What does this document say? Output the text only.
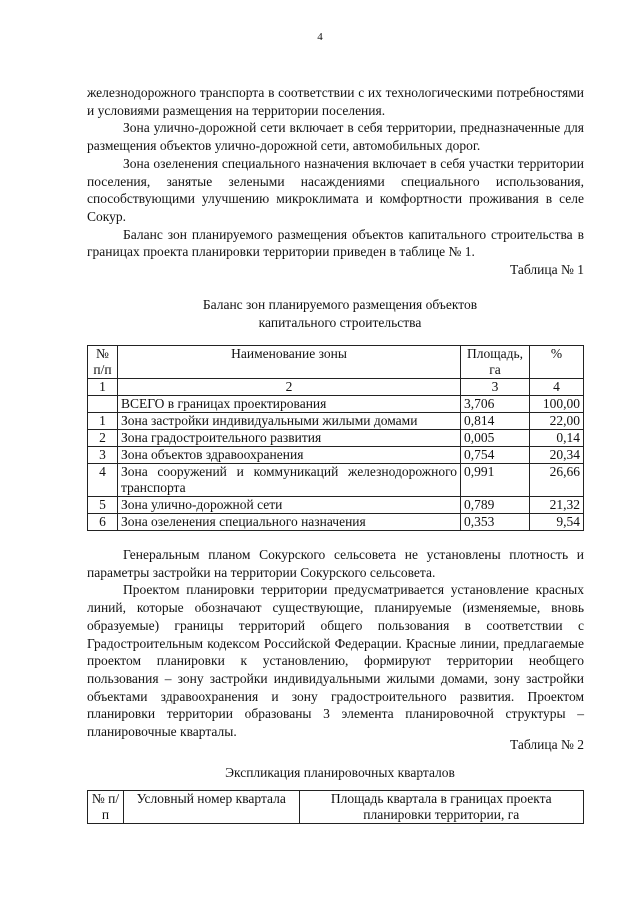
4

железнодорожного транспорта в соответствии с их технологическими потребностями и условиями размещения на территории поселения.

Зона улично-дорожной сети включает в себя территории, предназначенные для размещения объектов улично-дорожной сети, автомобильных дорог.

Зона озеленения специального назначения включает в себя участки территории поселения, занятые зелеными насаждениями специального использования, способствующими улучшению микроклимата и комфортности проживания в селе Сокур.

Баланс зон планируемого размещения объектов капитального строительства в границах проекта планировки территории приведен в таблице № 1.

Таблица № 1
Баланс зон планируемого размещения объектов
капитального строительства
№ п/п	Наименование зоны	Площадь, га	%
1	2	3	4
	ВСЕГО в границах проектирования	3,706	100,00
1	Зона застройки индивидуальными жилыми домами	0,814	22,00
2	Зона градостроительного развития	0,005	0,14
3	Зона объектов здравоохранения	0,754	20,34
4	Зона сооружений и коммуникаций железнодорожного транспорта	0,991	26,66
5	Зона улично-дорожной сети	0,789	21,32
6	Зона озеленения специального назначения	0,353	9,54

Генеральным планом Сокурского сельсовета не установлены плотность и параметры застройки на территории Сокурского сельсовета.

Проектом планировки территории предусматривается установление красных линий, которые обозначают существующие, планируемые (изменяемые, вновь образуемые) границы территорий общего пользования в соответствии с Градостроительным кодексом Российской Федерации. Красные линии, предлагаемые проектом планировки к установлению, формируют территории необщего пользования – зону застройки индивидуальными жилыми домами, зону застройки объектами здравоохранения и зону градостроительного развития. Проектом планировки территории образованы 3 элемента планировочной структуры – планировочные кварталы.

Таблица № 2
Экспликация планировочных кварталов
№ п/п	Условный номер квартала	Площадь квартала в границах проекта планировки территории, га
